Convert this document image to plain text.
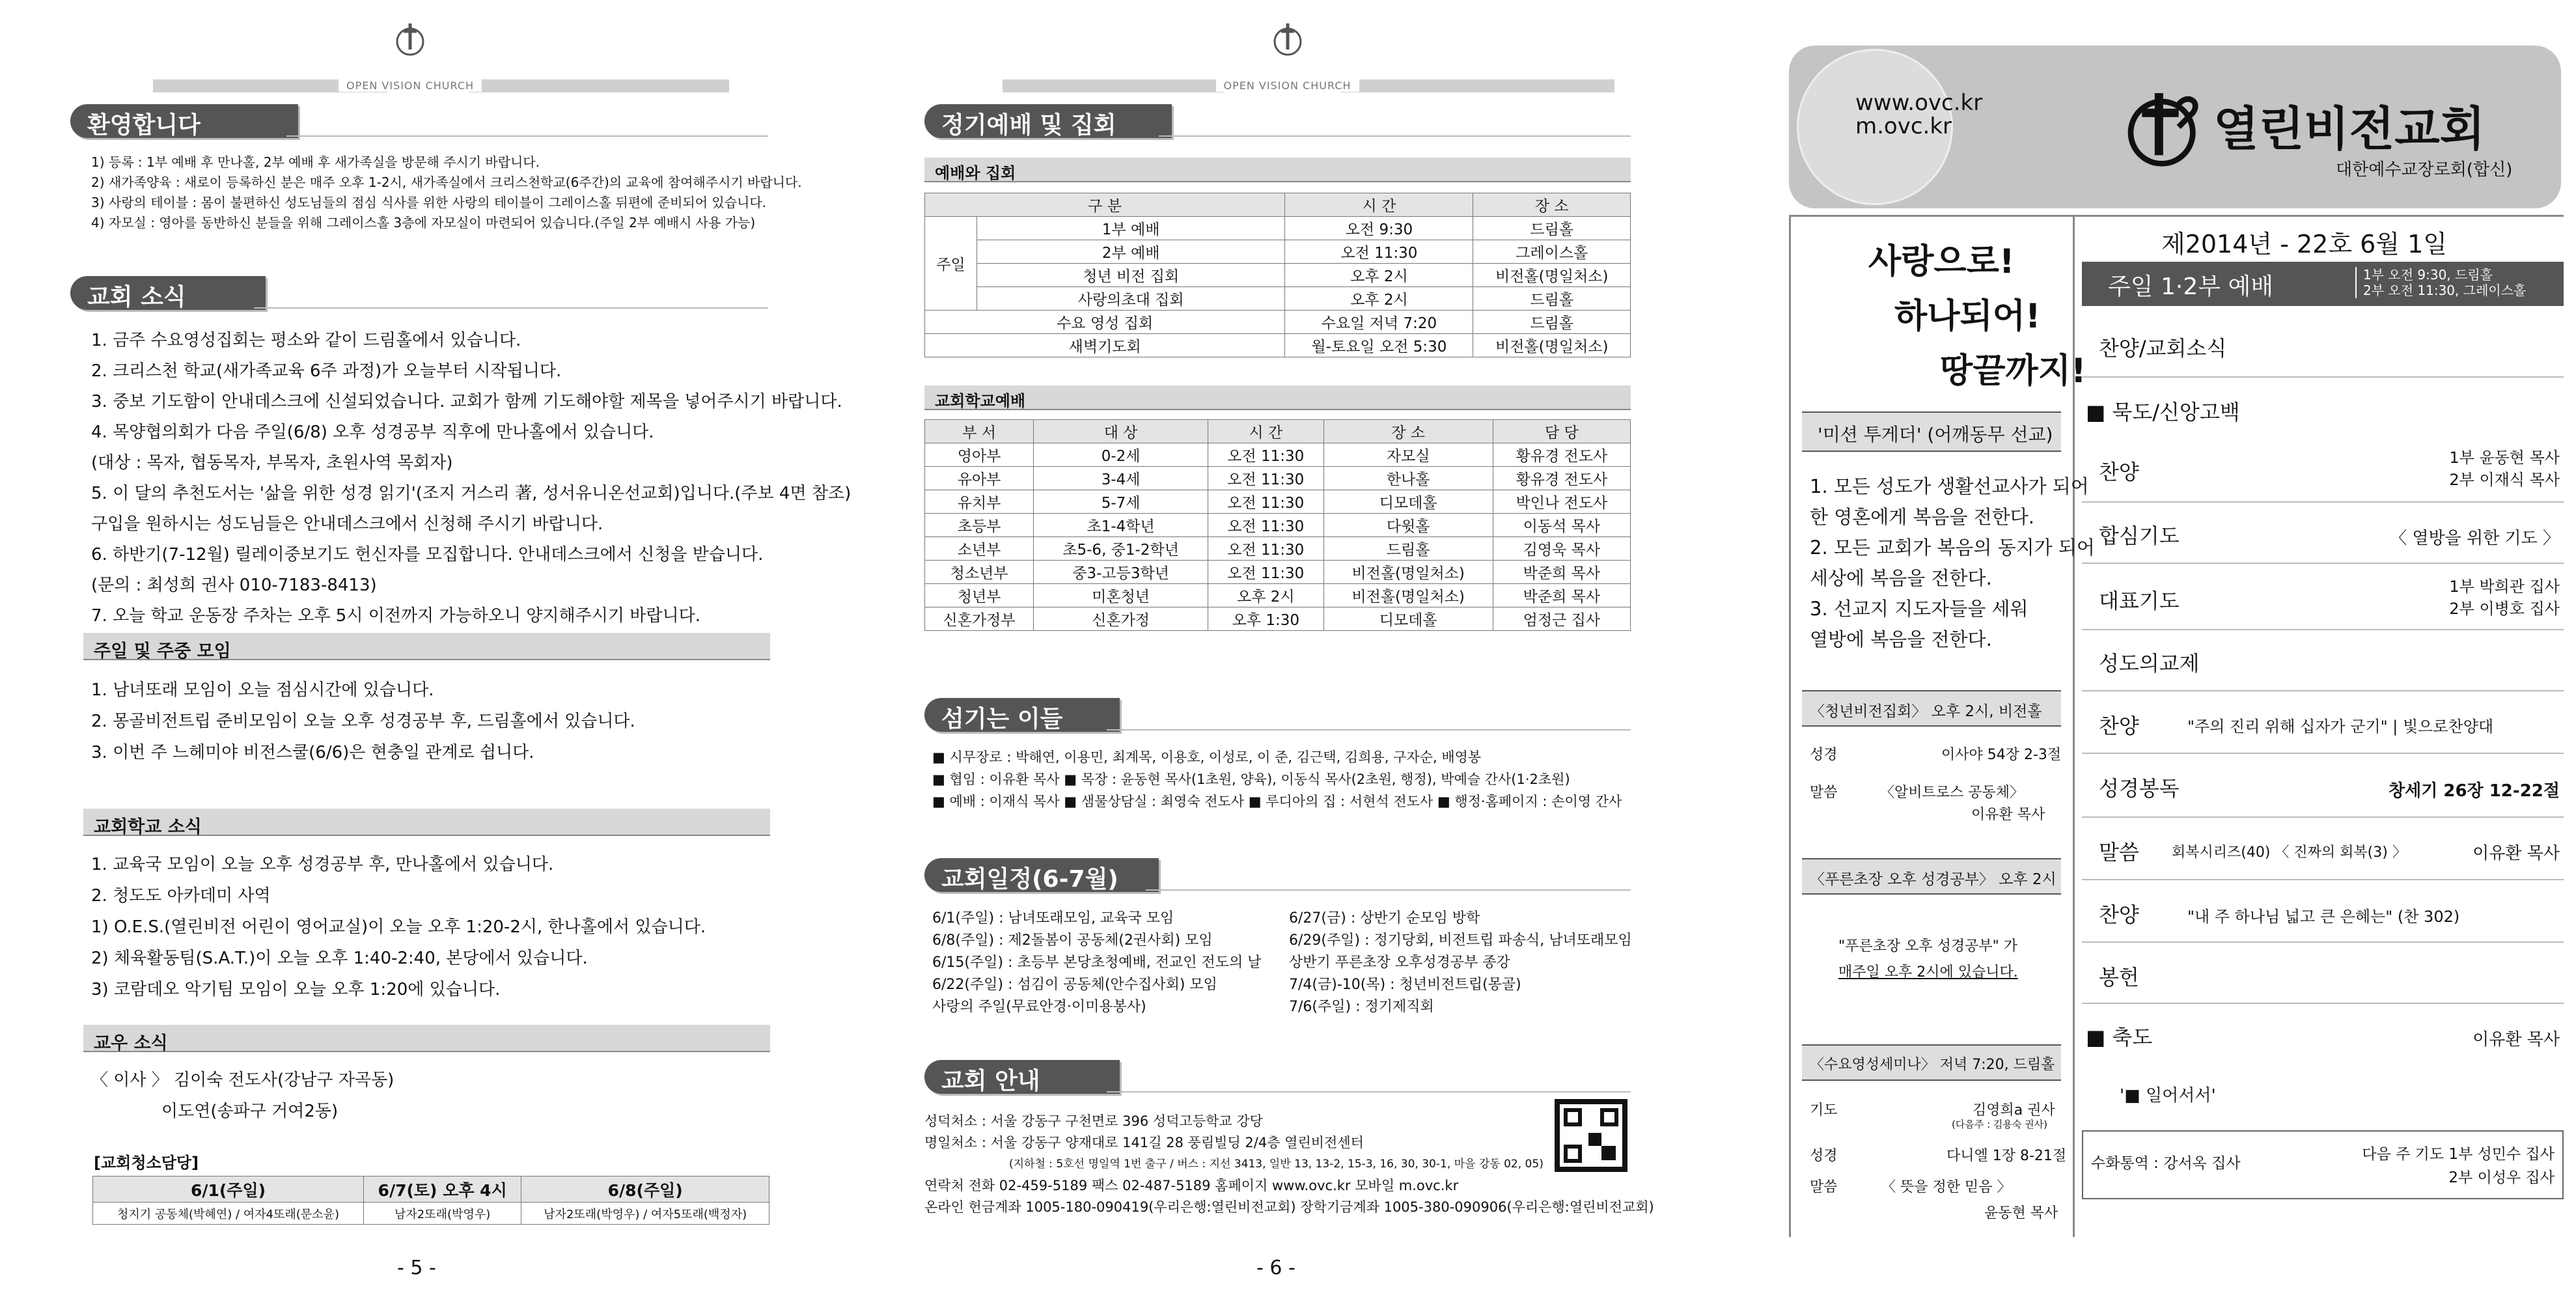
OPEN VISION CHURCH
환영합니다
1) 등록 : 1부 예배 후 만나홀, 2부 예배 후 새가족실을 방문해 주시기 바랍니다.
2) 새가족양육 : 새로이 등록하신 분은 매주 오후 1-2시, 새가족실에서 크리스천학교(6주간)의 교육에 참여해주시기 바랍니다.
3) 사랑의 테이블 : 몸이 불편하신 성도님들의 점심 식사를 위한 사랑의 테이블이 그레이스홀 뒤편에 준비되어 있습니다.
4) 자모실 : 영아를 동반하신 분들을 위해 그레이스홀 3층에 자모실이 마련되어 있습니다.(주일 2부 예배시 사용 가능)
교회 소식
1. 금주 수요영성집회는 평소와 같이 드림홀에서 있습니다.
2. 크리스천 학교(새가족교육 6주 과정)가 오늘부터 시작됩니다.
3. 중보 기도함이 안내데스크에 신설되었습니다. 교회가 함께 기도해야할 제목을 넣어주시기 바랍니다.
4. 목양협의회가 다음 주일(6/8) 오후 성경공부 직후에 만나홀에서 있습니다.
(대상 : 목자, 협동목자, 부목자, 초원사역 목회자)
5. 이 달의 추천도서는 '삶을 위한 성경 읽기'(조지 거스리 著, 성서유니온선교회)입니다.(주보 4면 참조)
구입을 원하시는 성도님들은 안내데스크에서 신청해 주시기 바랍니다.
6. 하반기(7-12월) 릴레이중보기도 헌신자를 모집합니다. 안내데스크에서 신청을 받습니다.
(문의 : 최성희 권사 010-7183-8413)
7. 오늘 학교 운동장 주차는 오후 5시 이전까지 가능하오니 양지해주시기 바랍니다.
주일 및 주중 모임
1. 남녀또래 모임이 오늘 점심시간에 있습니다.
2. 몽골비전트립 준비모임이 오늘 오후 성경공부 후, 드림홀에서 있습니다.
3. 이번 주 느헤미야 비전스쿨(6/6)은 현충일 관계로 쉽니다.
교회학교 소식
1. 교육국 모임이 오늘 오후 성경공부 후, 만나홀에서 있습니다.
2. 청도도 아카데미 사역
1) O.E.S.(열린비전 어린이 영어교실)이 오늘 오후 1:20-2시, 한나홀에서 있습니다.
2) 체육활동팀(S.A.T.)이 오늘 오후 1:40-2:40, 본당에서 있습니다.
3) 코람데오 악기팀 모임이 오늘 오후 1:20에 있습니다.
교우 소식
〈 이사 〉 김이숙 전도사(강남구 자곡동)
이도연(송파구 거여2동)
[교회청소담당]
6/1(주일)	6/7(토) 오후 4시	6/8(주일)
청지기 공동체(박혜연) / 여자4또래(문소윤)	남자2또래(박영우)	남자2또래(박영우) / 여자5또래(백정자)
- 5 -
OPEN VISION CHURCH
정기예배 및 집회
예배와 집회
구 분		시 간	장 소
주일	1부 예배	오전 9:30	드림홀
	2부 예배	오전 11:30	그레이스홀
	청년 비전 집회	오후 2시	비전홀(명일처소)
	사랑의초대 집회	오후 2시	드림홀
수요 영성 집회		수요일 저녁 7:20	드림홀
새벽기도회		월-토요일 오전 5:30	비전홀(명일처소)
교회학교예배
부 서	대 상	시 간	장 소	담 당
영아부	0-2세	오전 11:30	자모실	황유경 전도사
유아부	3-4세	오전 11:30	한나홀	황유경 전도사
유치부	5-7세	오전 11:30	디모데홀	박인나 전도사
초등부	초1-4학년	오전 11:30	다윗홀	이동석 목사
소년부	초5-6, 중1-2학년	오전 11:30	드림홀	김영욱 목사
청소년부	중3-고등3학년	오전 11:30	비전홀(명일처소)	박준희 목사
청년부	미혼청년	오후 2시	비전홀(명일처소)	박준희 목사
신혼가정부	신혼가정	오후 1:30	디모데홀	엄정근 집사
섬기는 이들
■ 시무장로 : 박해연, 이용민, 최계목, 이용호, 이성로, 이 준, 김근택, 김희용, 구자순, 배영봉
■ 협임 : 이유환 목사 ■ 목장 : 윤동현 목사(1초원, 양육), 이동식 목사(2초원, 행정), 박예슬 간사(1·2초원)
■ 예배 : 이재식 목사 ■ 샘물상담실 : 최영숙 전도사 ■ 루디아의 집 : 서현석 전도사 ■ 행정·홈페이지 : 손이영 간사
교회일정(6-7월)
6/1(주일) : 남녀또래모임, 교육국 모임
6/8(주일) : 제2돌봄이 공동체(2권사회) 모임
6/15(주일) : 초등부 본당초청예배, 전교인 전도의 날
6/22(주일) : 섬김이 공동체(안수집사회) 모임
사랑의 주일(무료안경·이미용봉사)
6/27(금) : 상반기 순모임 방학
6/29(주일) : 정기당회, 비전트립 파송식, 남녀또래모임
상반기 푸른초장 오후성경공부 종강
7/4(금)-10(목) : 청년비전트립(몽골)
7/6(주일) : 정기제직회
교회 안내
성덕처소 : 서울 강동구 구천면로 396 성덕고등학교 강당
명일처소 : 서울 강동구 양재대로 141길 28 풍림빌딩 2/4층 열린비전센터
(지하철 : 5호선 명일역 1번 출구 / 버스 : 지선 3413, 일반 13, 13-2, 15-3, 16, 30, 30-1, 마을 강동 02, 05)
연락처 전화 02-459-5189 팩스 02-487-5189 홈페이지 www.ovc.kr 모바일 m.ovc.kr
온라인 헌금계좌 1005-180-090419(우리은행:열린비전교회) 장학기금계좌 1005-380-090906(우리은행:열린비전교회)
- 6 -
www.ovc.kr
m.ovc.kr	열린비전교회
대한예수교장로회(합신)
제2014년 - 22호 6월 1일
주일 1·2부 예배	1부 오전 9:30, 드림홀
2부 오전 11:30, 그레이스홀
사랑으로!
하나되어!
땅끝까지!
'미션 투게더' (어깨동무 선교)
1. 모든 성도가 생활선교사가 되어
한 영혼에게 복음을 전한다.
2. 모든 교회가 복음의 동지가 되어
세상에 복음을 전한다.
3. 선교지 지도자들을 세워
열방에 복음을 전한다.
〈청년비전집회〉 오후 2시, 비전홀
성경	이사야 54장 2-3절
말씀	〈알비트로스 공동체〉
이유환 목사
〈푸른초장 오후 성경공부〉 오후 2시
"푸른초장 오후 성경공부" 가
매주일 오후 2시에 있습니다.
〈수요영성세미나〉 저녁 7:20, 드림홀
기도	김영희a 권사
(다음주 : 김용숙 권사)
성경	다니엘 1장 8-21절
말씀	〈 뜻을 정한 믿음 〉
윤동현 목사
찬양/교회소식
■ 묵도/신앙고백
찬양
1부 윤동현 목사
2부 이재식 목사
합심기도	〈 열방을 위한 기도 〉
대표기도
1부 박희관 집사
2부 이병호 집사
성도의교제
찬양	"주의 진리 위해 십자가 군기" | 빛으로찬양대
성경봉독	창세기 26장 12-22절
말씀 회복시리즈(40) 〈 진짜의 회복(3) 〉	이유환 목사
찬양	"내 주 하나님 넓고 큰 은혜는" (찬 302)
봉헌
■ 축도	이유환 목사
'■ 일어서서'
수화통역 : 강서옥 집사
다음 주 기도 1부 성민수 집사
2부 이성우 집사
